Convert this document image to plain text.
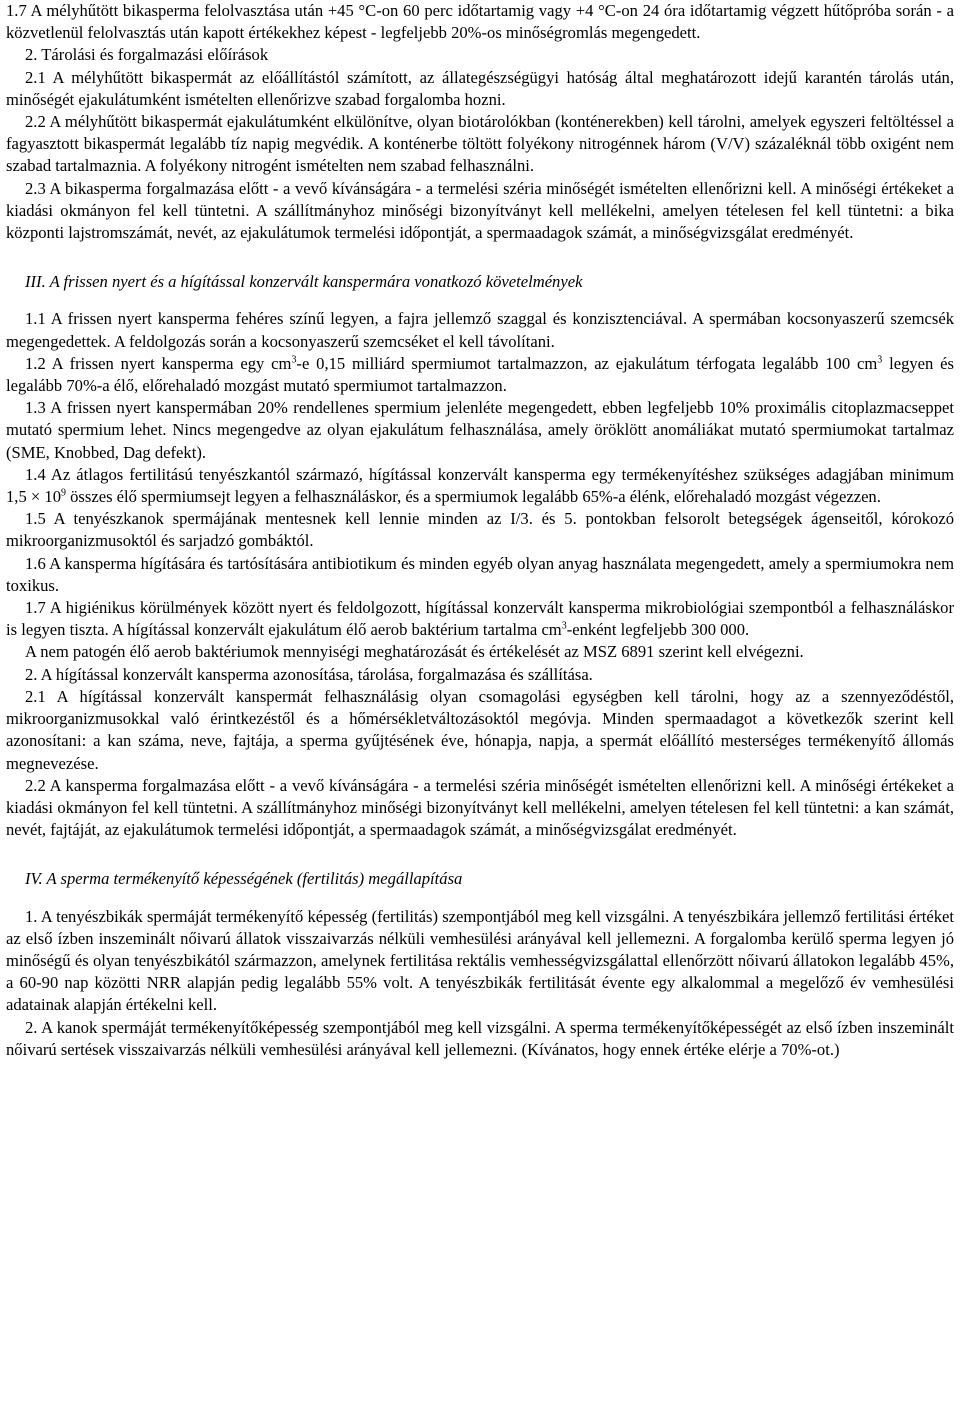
1.7 A mélyhűtött bikasperma felolvasztása után +45 °C-on 60 perc időtartamig vagy +4 °C-on 24 óra időtartamig végzett hűtőpróba során - a közvetlenül felolvasztás után kapott értékekhez képest - legfeljebb 20%-os minőségromlás megengedett.

2. Tárolási és forgalmazási előírások

2.1 A mélyhűtött bikaspermát az előállítástól számított, az állategészségügyi hatóság által meghatározott idejű karantén tárolás után, minőségét ejakulátumként ismételten ellenőrizve szabad forgalomba hozni.

2.2 A mélyhűtött bikaspermát ejakulátumként elkülönítve, olyan biotárolókban (konténerekben) kell tárolni, amelyek egyszeri feltöltéssel a fagyasztott bikaspermát legalább tíz napig megvédik. A konténerbe töltött folyékony nitrogénnek három (V/V) százaléknál több oxigént nem szabad tartalmaznia. A folyékony nitrogént ismételten nem szabad felhasználni.

2.3 A bikasperma forgalmazása előtt - a vevő kívánságára - a termelési széria minőségét ismételten ellenőrizni kell. A minőségi értékeket a kiadási okmányon fel kell tüntetni. A szállítmányhoz minőségi bizonyítványt kell mellékelni, amelyen tételesen fel kell tüntetni: a bika központi lajstromszámát, nevét, az ejakulátumok termelési időpontját, a spermaadagok számát, a minőségvizsgálat eredményét.

III. A frissen nyert és a hígítással konzervált kanspermára vonatkozó követelmények

1.1 A frissen nyert kansperma fehéres színű legyen, a fajra jellemző szaggal és konzisztenciával. A spermában kocsonyaszerű szemcsék megengedettek. A feldolgozás során a kocsonyaszerű szemcséket el kell távolítani.

1.2 A frissen nyert kansperma egy $cm^3-e$ 0,15 milliárd spermiumot tartalmazzon, az ejakulátum térfogata legalább 100 $cm^3$ legyen és legalább 70%-a élő, előrehaladó mozgást mutató spermiumot tartalmazzon.

1.3 A frissen nyert kanspermában 20% rendellenes spermium jelenléte megengedett, ebben legfeljebb 10% proximális citoplazmacseppet mutató spermium lehet. Nincs megengedve az olyan ejakulátum felhasználása, amely öröklött anomáliákat mutató spermiumokat tartalmaz (SME, Knobbed, Dag defekt).

1.4 Az átlagos fertilitású tenyészkantól származó, hígítással konzervált kansperma egy termékenyítéshez szükséges adagjában minimum $1,5 \times 10^9$ összes élő spermiumsejt legyen a felhasználáskor, és a spermiumok legalább 65%-a élénk, előrehaladó mozgást végezzen.

1.5 A tenyészkanok spermájának mentesnek kell lennie minden az I/3. és 5. pontokban felsorolt betegségek ágenseitől, kórokozó mikroorganizmusoktól és sarjadzó gombáktól.

1.6 A kansperma hígítására és tartósítására antibiotikum és minden egyéb olyan anyag használata megengedett, amely a spermiumokra nem toxikus.

1.7 A higiénikus körülmények között nyert és feldolgozott, hígítással konzervált kansperma mikrobiológiai szempontból a felhasználáskor is legyen tiszta. A hígítással konzervált ejakulátum élő aerob baktérium tartalma $cm^3$-enként legfeljebb 300 000.

A nem patogén élő aerob baktériumok mennyiségi meghatározását és értékelését az MSZ 6891 szerint kell elvégezni.

2. A hígítással konzervált kansperma azonosítása, tárolása, forgalmazása és szállítása.

2.1 A hígítással konzervált kanspermát felhasználásig olyan csomagolási egységben kell tárolni, hogy az a szennyeződéstől, mikroorganizmusokkal való érintkezéstől és a hőmérsékletváltozásoktól megóvja. Minden spermaadagot a következők szerint kell azonosítani: a kan száma, neve, fajtája, a sperma gyűjtésének éve, hónapja, napja, a spermát előállító mesterséges termékenyítő állomás megnevezése.

2.2 A kansperma forgalmazása előtt - a vevő kívánságára - a termelési széria minőségét ismételten ellenőrizni kell. A minőségi értékeket a kiadási okmányon fel kell tüntetni. A szállítmányhoz minőségi bizonyítványt kell mellékelni, amelyen tételesen fel kell tüntetni: a kan számát, nevét, fajtáját, az ejakulátumok termelési időpontját, a spermaadagok számát, a minőségvizsgálat eredményét.

IV. A sperma termékenyítő képességének (fertilitás) megállapítása

1. A tenyészbikák spermáját termékenyítő képesség (fertilitás) szempontjából meg kell vizsgálni. A tenyészbikára jellemző fertilitási értéket az első ízben inszeminált nőivarú állatok visszaivarzás nélküli vemhesülési arányával kell jellemezni. A forgalomba kerülő sperma legyen jó minőségű és olyan tenyészbikától származzon, amelynek fertilitása rektális vemhességvizsgálattal ellenőrzött nőivarú állatokon legalább 45%, a 60-90 nap közötti NRR alapján pedig legalább 55% volt. A tenyészbikák fertilitását évente egy alkalommal a megelőző év vemhesülési adatainak alapján értékelni kell.

2. A kanok spermáját termékenyítőképesség szempontjából meg kell vizsgálni. A sperma termékenyítőképességét az első ízben inszeminált nőivarú sertések visszaivarzás nélküli vemhesülési arányával kell jellemezni. (Kívánatos, hogy ennek értéke elérje a 70%-ot.)
